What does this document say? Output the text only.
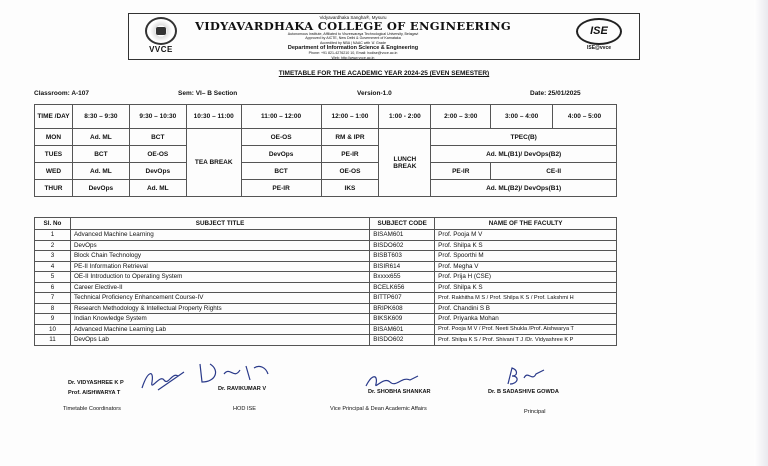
VVCE
Vidyavardhaka Sangha®, Mysuru
VIDYAVARDHAKA COLLEGE OF ENGINEERING
Autonomous Institute, Affiliated to Visvesvaraya Technological University, Belagavi
Approved by AICTE, New Delhi & Government of Karnataka
Accredited by NBA | NAAC with 'A' Grade
Department of Information Science & Engineering
Phone: +91 821-4276210 10, Email: hodise@vvce.ac.in
Web: http://www.vvce.ac.in
ISE
ISE@vvce
TIMETABLE FOR THE ACADEMIC YEAR 2024-25 (EVEN SEMESTER)
Classroom: A-107	Sem: VI– B Section	Version-1.0	Date: 25/01/2025
TIME /DAY	8:30 – 9:30	9:30 – 10:30	10:30 – 11:00	11:00 – 12:00	12:00 – 1:00	1:00 - 2:00	2:00 – 3:00	3:00 – 4:00	4:00 – 5:00
MON	Ad. ML	BCT	TEA BREAK	OE-OS	RM & IPR	LUNCH BREAK	TPEC(B)		
TUES	BCT	OE-OS		DevOps	PE-IR		Ad. ML(B1)/ DevOps(B2)		
WED	Ad. ML	DevOps		BCT	OE-OS		PE-IR	CE-II	
THUR	DevOps	Ad. ML		PE-IR	IKS		Ad. ML(B2)/ DevOps(B1)		
Sl. No	SUBJECT TITLE	SUBJECT CODE	NAME OF THE FACULTY
1	Advanced Machine Learning	BISAM601	Prof. Pooja M V
2	DevOps	BISDO602	Prof. Shilpa K S
3	Block Chain Technology	BISBT603	Prof. Spoorthi M
4	PE-II Information Retrieval	BISIR614	Prof. Megha V
5	OE-II Introduction to Operating System	Bxxxx655	Prof. Prija H (CSE)
6	Career Elective-II	BCELK656	Prof. Shilpa K S
7	Technical Proficiency Enhancement Course-IV	BITTP607	Prof. Rakhitha M S / Prof. Shilpa K S / Prof. Lakshmi H
8	Research Methodology & Intellectual Property Rights	BRIPK608	Prof. Chandini S B
9	Indian Knowledge System	BIKSK609	Prof. Priyanka Mohan
10	Advanced Machine Learning Lab	BISAM601	Prof. Pooja M V / Prof. Neeti Shukla /Prof. Aishwarya T
11	DevOps Lab	BISDO602	Prof. Shilpa K S / Prof. Shivani T J /Dr. Vidyashree K P
Dr. VIDYASHREE K P
Prof. AISHWARYA T
Timetable Coordinators
Dr. RAVIKUMAR V
HOD ISE
Dr. SHOBHA SHANKAR
Vice Principal & Dean Academic Affairs
Dr. B SADASHIVE GOWDA
Principal
